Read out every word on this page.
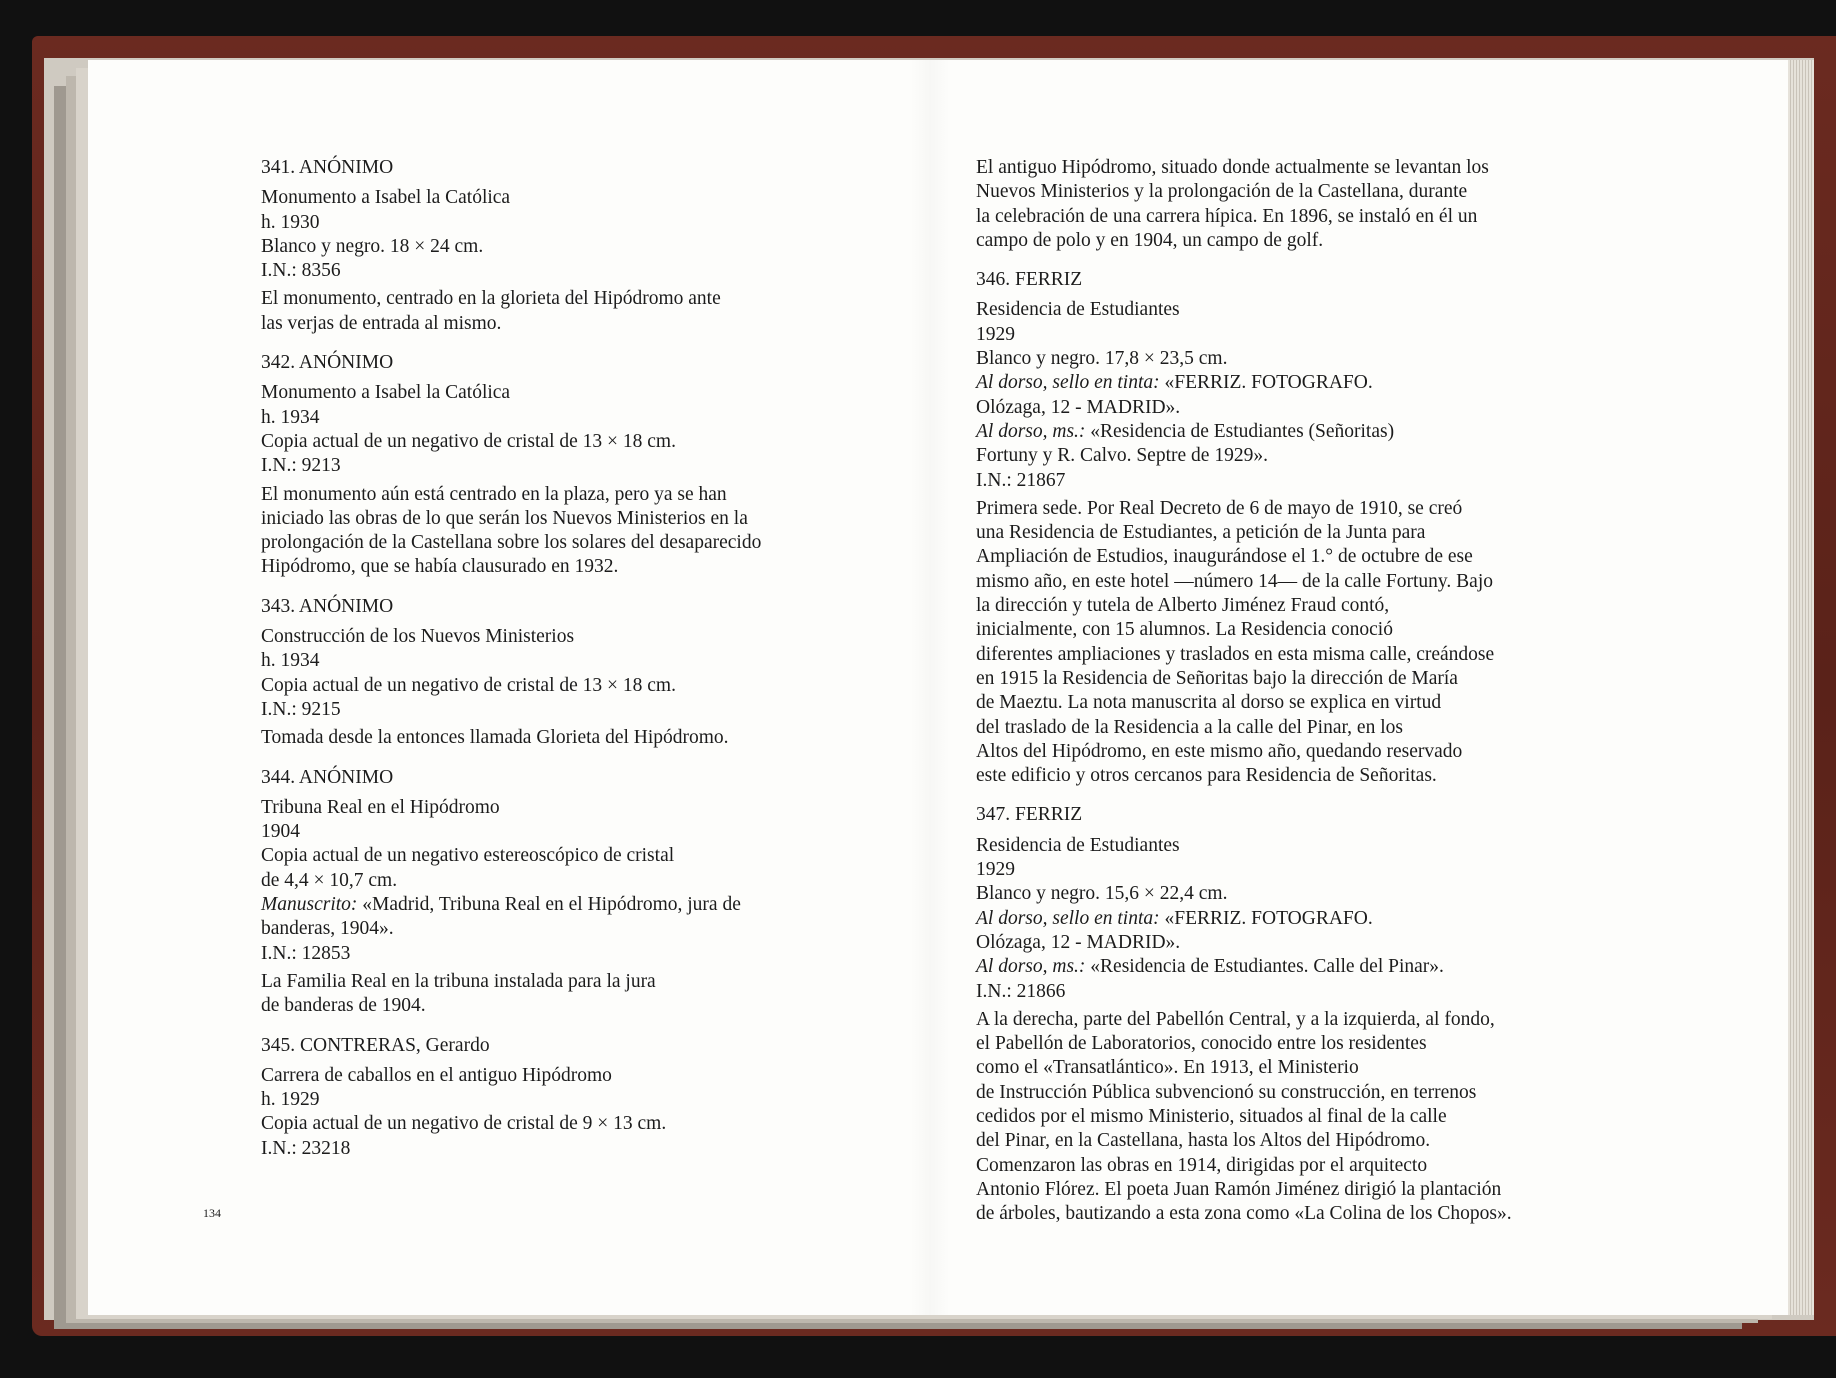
341. ANÓNIMO
Monumento a Isabel la Católica
h. 1930
Blanco y negro. 18 × 24 cm.
I.N.: 8356
El monumento, centrado en la glorieta del Hipódromo ante
las verjas de entrada al mismo.
342. ANÓNIMO
Monumento a Isabel la Católica
h. 1934
Copia actual de un negativo de cristal de 13 × 18 cm.
I.N.: 9213
El monumento aún está centrado en la plaza, pero ya se han
iniciado las obras de lo que serán los Nuevos Ministerios en la
prolongación de la Castellana sobre los solares del desaparecido
Hipódromo, que se había clausurado en 1932.
343. ANÓNIMO
Construcción de los Nuevos Ministerios
h. 1934
Copia actual de un negativo de cristal de 13 × 18 cm.
I.N.: 9215
Tomada desde la entonces llamada Glorieta del Hipódromo.
344. ANÓNIMO
Tribuna Real en el Hipódromo
1904
Copia actual de un negativo estereoscópico de cristal
de 4,4 × 10,7 cm.
Manuscrito: «Madrid, Tribuna Real en el Hipódromo, jura de
banderas, 1904».
I.N.: 12853
La Familia Real en la tribuna instalada para la jura
de banderas de 1904.
345. CONTRERAS, Gerardo
Carrera de caballos en el antiguo Hipódromo
h. 1929
Copia actual de un negativo de cristal de 9 × 13 cm.
I.N.: 23218
El antiguo Hipódromo, situado donde actualmente se levantan los
Nuevos Ministerios y la prolongación de la Castellana, durante
la celebración de una carrera hípica. En 1896, se instaló en él un
campo de polo y en 1904, un campo de golf.
346. FERRIZ
Residencia de Estudiantes
1929
Blanco y negro. 17,8 × 23,5 cm.
Al dorso, sello en tinta: «FERRIZ. FOTOGRAFO.
Olózaga, 12 - MADRID».
Al dorso, ms.: «Residencia de Estudiantes (Señoritas)
Fortuny y R. Calvo. Septre de 1929».
I.N.: 21867
Primera sede. Por Real Decreto de 6 de mayo de 1910, se creó
una Residencia de Estudiantes, a petición de la Junta para
Ampliación de Estudios, inaugurándose el 1.° de octubre de ese
mismo año, en este hotel —número 14— de la calle Fortuny. Bajo
la dirección y tutela de Alberto Jiménez Fraud contó,
inicialmente, con 15 alumnos. La Residencia conoció
diferentes ampliaciones y traslados en esta misma calle, creándose
en 1915 la Residencia de Señoritas bajo la dirección de María
de Maeztu. La nota manuscrita al dorso se explica en virtud
del traslado de la Residencia a la calle del Pinar, en los
Altos del Hipódromo, en este mismo año, quedando reservado
este edificio y otros cercanos para Residencia de Señoritas.
347. FERRIZ
Residencia de Estudiantes
1929
Blanco y negro. 15,6 × 22,4 cm.
Al dorso, sello en tinta: «FERRIZ. FOTOGRAFO.
Olózaga, 12 - MADRID».
Al dorso, ms.: «Residencia de Estudiantes. Calle del Pinar».
I.N.: 21866
A la derecha, parte del Pabellón Central, y a la izquierda, al fondo,
el Pabellón de Laboratorios, conocido entre los residentes
como el «Transatlántico». En 1913, el Ministerio
de Instrucción Pública subvencionó su construcción, en terrenos
cedidos por el mismo Ministerio, situados al final de la calle
del Pinar, en la Castellana, hasta los Altos del Hipódromo.
Comenzaron las obras en 1914, dirigidas por el arquitecto
Antonio Flórez. El poeta Juan Ramón Jiménez dirigió la plantación
de árboles, bautizando a esta zona como «La Colina de los Chopos».
134
